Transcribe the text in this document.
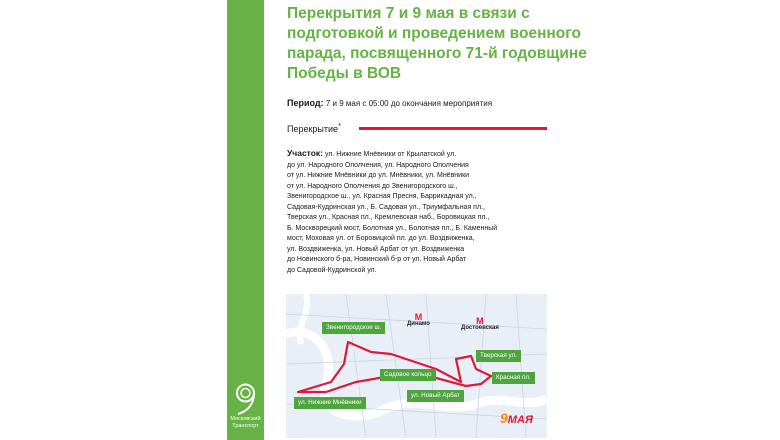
Московский
Транспорт
Перекрытия 7 и 9 мая в связи с подготовкой и проведением военного парада, посвященного 71-й годовщине Победы в ВОВ
Период: 7 и 9 мая с 05:00 до окончания мероприятия
Перекрытие*
Участок: ул. Нижние Мнёвники от Крылатской ул.
до ул. Народного Ополчения, ул. Народного Ополчения
от ул. Нижние Мнёвники до ул. Мнёвники, ул. Мнёвники
от ул. Народного Ополчения до Звенигородского ш.,
Звенигородское ш., ул. Красная Пресня, Баррикадная ул.,
Садовая-Кудринская ул., Б. Садовая ул., Триумфальная пл.,
Тверская ул., Красная пл., Кремлевская наб., Боровицкая пл.,
Б. Москворецкий мост, Болотная ул., Болотная пл., Б. Каменный
мост, Моховая ул. от Боровицкой пл. до ул. Воздвиженка,
ул. Воздвиженка, ул. Новый Арбат от ул. Воздвиженка
до Новинского б-ра, Новинский б-р от ул. Новый Арбат
до Садовой-Кудринской ул.
Звенигородское ш.
Садовое кольцо
Тверская ул.
Красная пл.
ул. Новый Арбат
ул. Нижние Мнёвники
М
Динамо	М
Достоевская
9МАЯ
